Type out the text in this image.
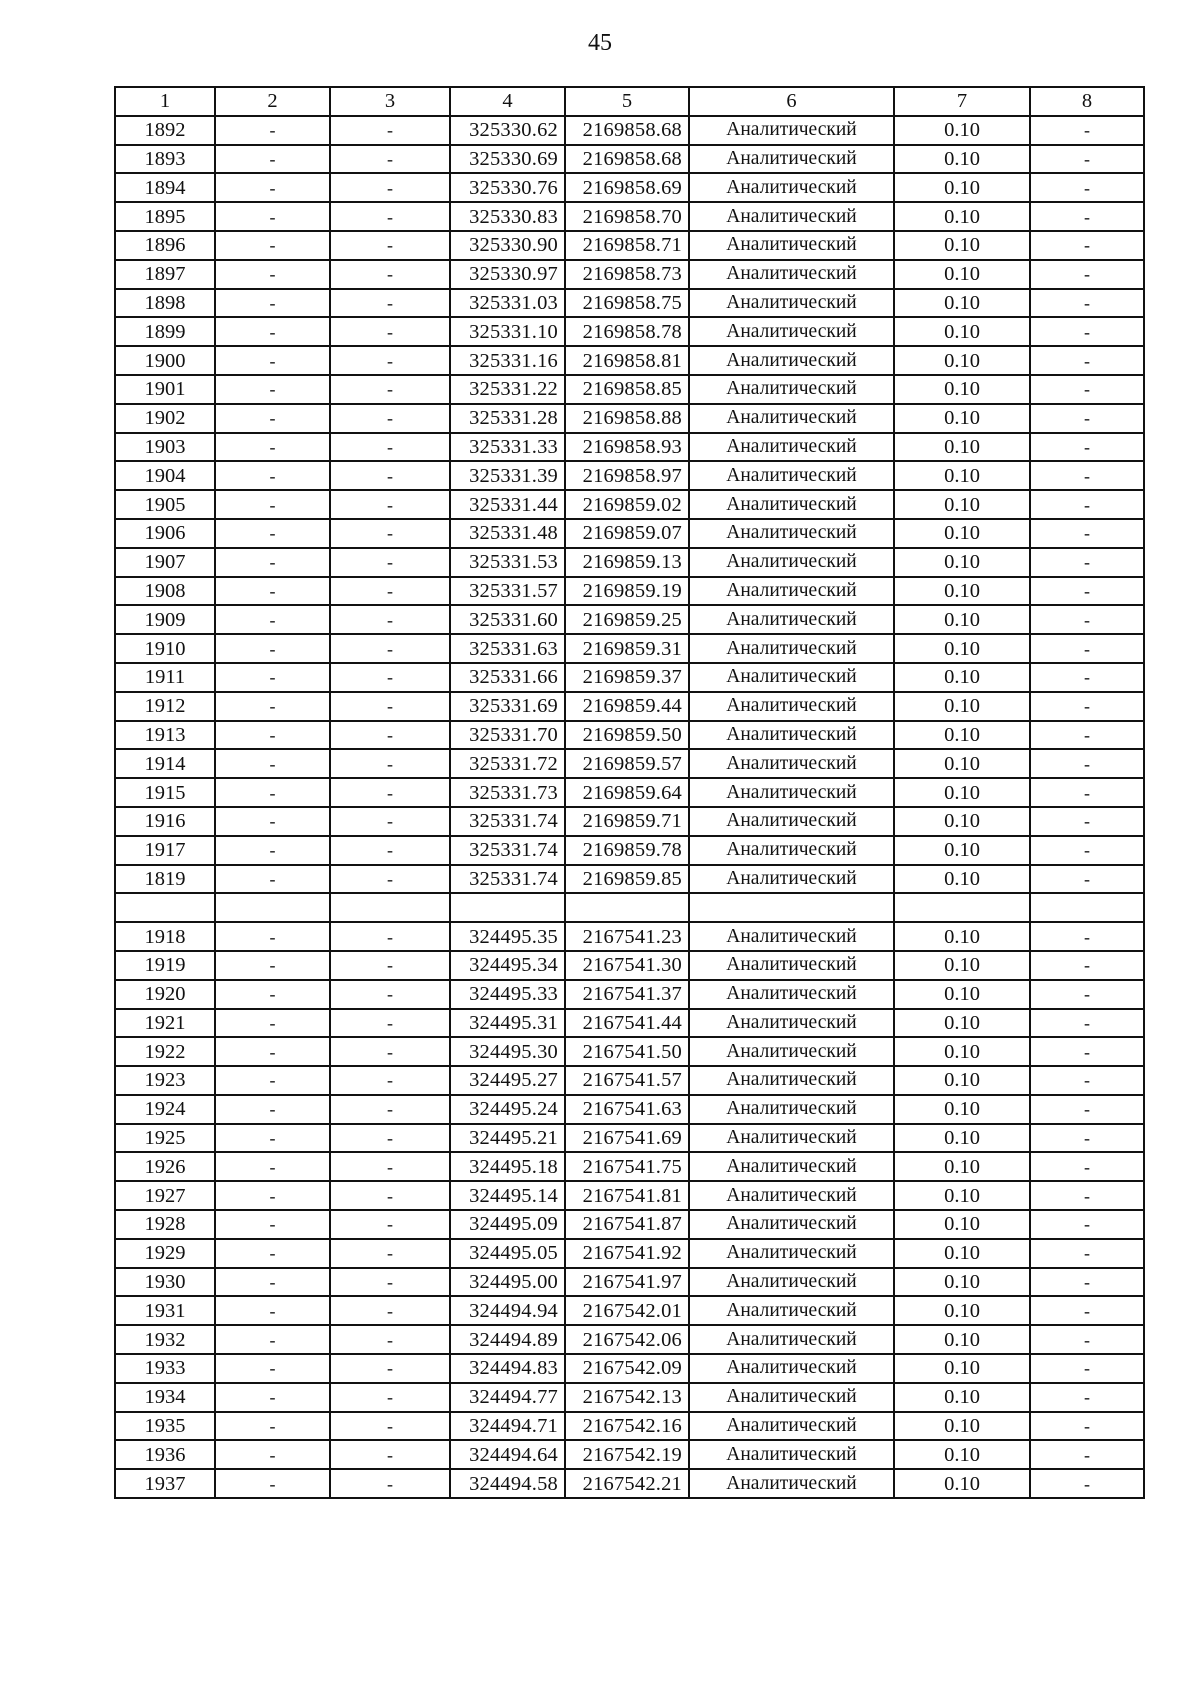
45
1	2	3	4	5	6	7	8
1892	-	-	325330.62	2169858.68	Аналитический	0.10	-
1893	-	-	325330.69	2169858.68	Аналитический	0.10	-
1894	-	-	325330.76	2169858.69	Аналитический	0.10	-
1895	-	-	325330.83	2169858.70	Аналитический	0.10	-
1896	-	-	325330.90	2169858.71	Аналитический	0.10	-
1897	-	-	325330.97	2169858.73	Аналитический	0.10	-
1898	-	-	325331.03	2169858.75	Аналитический	0.10	-
1899	-	-	325331.10	2169858.78	Аналитический	0.10	-
1900	-	-	325331.16	2169858.81	Аналитический	0.10	-
1901	-	-	325331.22	2169858.85	Аналитический	0.10	-
1902	-	-	325331.28	2169858.88	Аналитический	0.10	-
1903	-	-	325331.33	2169858.93	Аналитический	0.10	-
1904	-	-	325331.39	2169858.97	Аналитический	0.10	-
1905	-	-	325331.44	2169859.02	Аналитический	0.10	-
1906	-	-	325331.48	2169859.07	Аналитический	0.10	-
1907	-	-	325331.53	2169859.13	Аналитический	0.10	-
1908	-	-	325331.57	2169859.19	Аналитический	0.10	-
1909	-	-	325331.60	2169859.25	Аналитический	0.10	-
1910	-	-	325331.63	2169859.31	Аналитический	0.10	-
1911	-	-	325331.66	2169859.37	Аналитический	0.10	-
1912	-	-	325331.69	2169859.44	Аналитический	0.10	-
1913	-	-	325331.70	2169859.50	Аналитический	0.10	-
1914	-	-	325331.72	2169859.57	Аналитический	0.10	-
1915	-	-	325331.73	2169859.64	Аналитический	0.10	-
1916	-	-	325331.74	2169859.71	Аналитический	0.10	-
1917	-	-	325331.74	2169859.78	Аналитический	0.10	-
1819	-	-	325331.74	2169859.85	Аналитический	0.10	-

1918	-	-	324495.35	2167541.23	Аналитический	0.10	-
1919	-	-	324495.34	2167541.30	Аналитический	0.10	-
1920	-	-	324495.33	2167541.37	Аналитический	0.10	-
1921	-	-	324495.31	2167541.44	Аналитический	0.10	-
1922	-	-	324495.30	2167541.50	Аналитический	0.10	-
1923	-	-	324495.27	2167541.57	Аналитический	0.10	-
1924	-	-	324495.24	2167541.63	Аналитический	0.10	-
1925	-	-	324495.21	2167541.69	Аналитический	0.10	-
1926	-	-	324495.18	2167541.75	Аналитический	0.10	-
1927	-	-	324495.14	2167541.81	Аналитический	0.10	-
1928	-	-	324495.09	2167541.87	Аналитический	0.10	-
1929	-	-	324495.05	2167541.92	Аналитический	0.10	-
1930	-	-	324495.00	2167541.97	Аналитический	0.10	-
1931	-	-	324494.94	2167542.01	Аналитический	0.10	-
1932	-	-	324494.89	2167542.06	Аналитический	0.10	-
1933	-	-	324494.83	2167542.09	Аналитический	0.10	-
1934	-	-	324494.77	2167542.13	Аналитический	0.10	-
1935	-	-	324494.71	2167542.16	Аналитический	0.10	-
1936	-	-	324494.64	2167542.19	Аналитический	0.10	-
1937	-	-	324494.58	2167542.21	Аналитический	0.10	-
